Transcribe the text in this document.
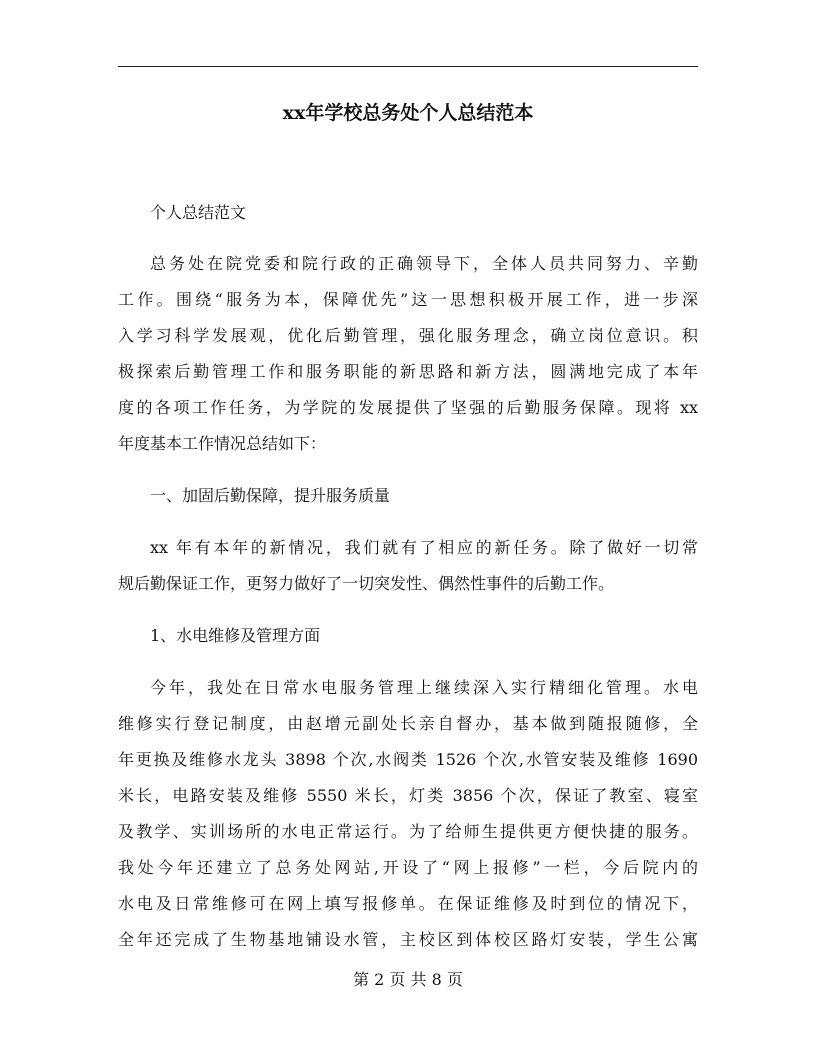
xx年学校总务处个人总结范本
个人总结范文
总务处在院党委和院行政的正确领导下，全体人员共同努力、辛勤
工作。围绕“服务为本，保障优先”这一思想积极开展工作，进一步深
入学习科学发展观，优化后勤管理，强化服务理念，确立岗位意识。积
极探索后勤管理工作和服务职能的新思路和新方法，圆满地完成了本年
度的各项工作任务，为学院的发展提供了坚强的后勤服务保障。现将 xx
年度基本工作情况总结如下：
一、加固后勤保障，提升服务质量
xx 年有本年的新情况，我们就有了相应的新任务。除了做好一切常
规后勤保证工作，更努力做好了一切突发性、偶然性事件的后勤工作。
1、水电维修及管理方面
今年，我处在日常水电服务管理上继续深入实行精细化管理。水电
维修实行登记制度，由赵增元副处长亲自督办，基本做到随报随修，全
年更换及维修水龙头 3898 个次,水阀类 1526 个次,水管安装及维修 1690
米长，电路安装及维修 5550 米长，灯类 3856 个次，保证了教室、寝室
及教学、实训场所的水电正常运行。为了给师生提供更方便快捷的服务。
我处今年还建立了总务处网站,开设了“网上报修”一栏，今后院内的
水电及日常维修可在网上填写报修单。在保证维修及时到位的情况下，
全年还完成了生物基地铺设水管，主校区到体校区路灯安装，学生公寓
第 2 页 共 8 页
